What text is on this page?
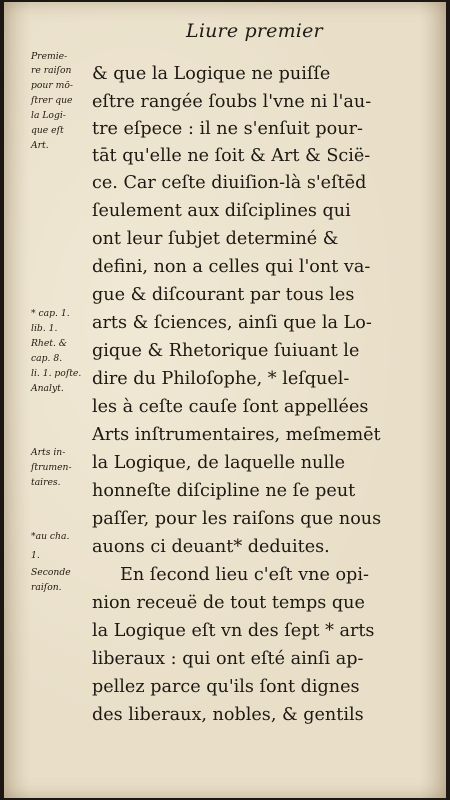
Liure premier
& que la Logique ne puiſſe
eſtre rangée ſoubs l'vne ni l'au-
tre eſpece : il ne s'enſuit pour-
tāt qu'elle ne ſoit & Art & Scië-
ce. Car ceſte diuiſion-là s'eſtēd
ſeulement aux diſciplines qui
ont leur ſubjet determiné &
defini, non a celles qui l'ont va-
gue & diſcourant par tous les
arts & ſciences, ainſi que la Lo-
gique & Rhetorique ſuiuant le
dire du Philoſophe, * leſquel-
les à ceſte cauſe ſont appellées
Arts inſtrumentaires, meſmemēt
la Logique, de laquelle nulle
honneſte diſcipline ne ſe peut
paſſer, pour les raiſons que nous
auons ci deuant* deduites.
En ſecond lieu c'eſt vne opi-
nion receuë de tout temps que
la Logique eſt vn des ſept * arts
liberaux : qui ont eſté ainſi ap-
pellez parce qu'ils ſont dignes
des liberaux, nobles, & gentils
Premie-
re raiſon
pour mō-
ſtrer que
la Logi-
que eſt
Art.
* cap. 1.
lib. 1.
Rhet. &
cap. 8.
li. 1. poſte.
Analyt.
Arts in-
ſtrumen-
taires.
*au cha.
1.
Seconde
raiſon.
